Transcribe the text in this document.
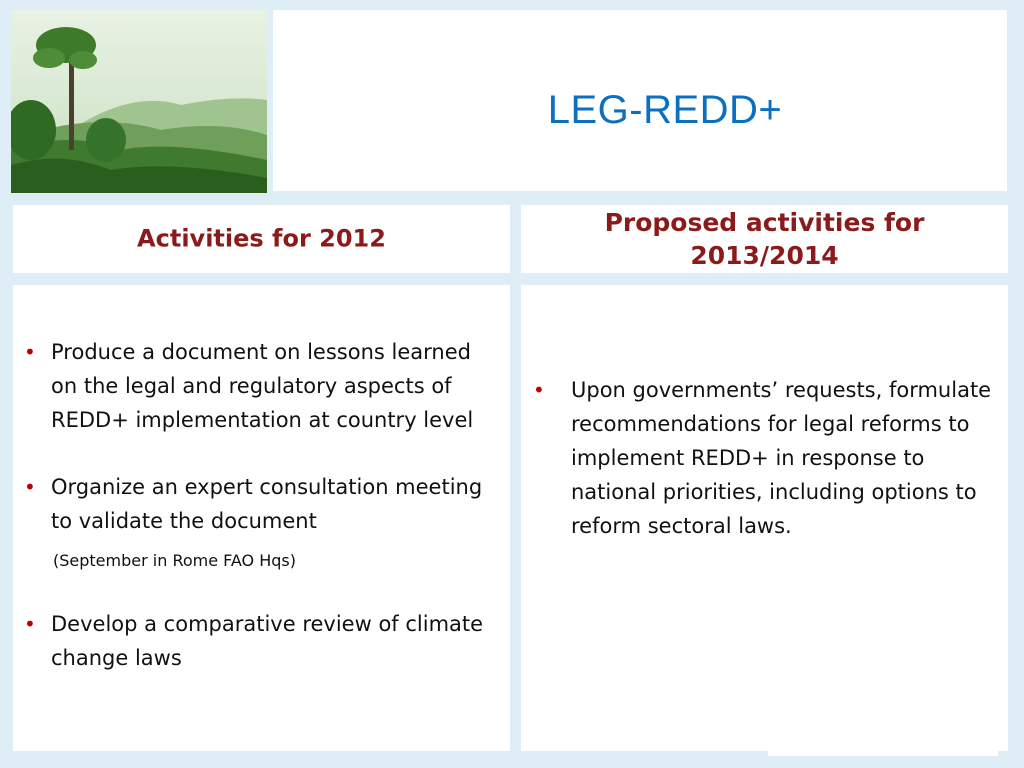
LEG-REDD+
Activities for 2012
Proposed activities for
2013/2014
• Produce a document on lessons learned on the legal and regulatory aspects of REDD+ implementation at country level
• Organize an expert consultation meeting to validate the document
(September in Rome FAO Hqs)
• Develop a comparative review of climate change laws
• Upon governments’ requests, formulate recommendations for legal reforms to implement REDD+ in response to national priorities, including options to reform sectoral laws.
